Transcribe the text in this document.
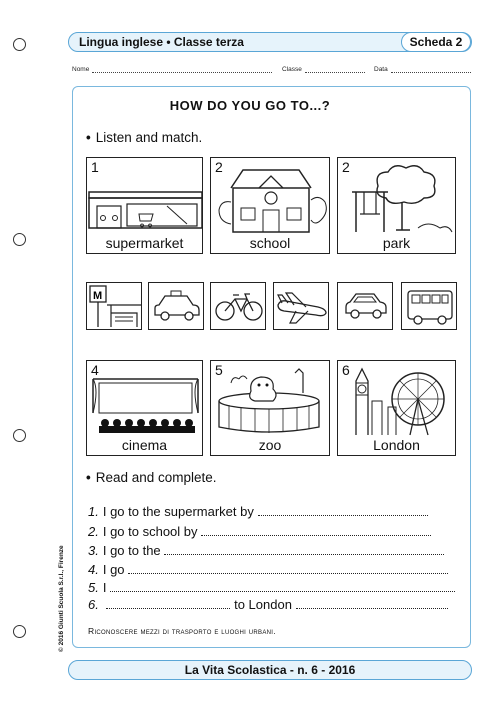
Lingua inglese • Classe terza	Scheda 2
Nome	Classe	Data
HOW DO YOU GO TO...?
• Listen and match.
1
supermarket
2
school
2
park
M
4
cinema
5
zoo
6
London
• Read and complete.
1. I go to the supermarket by
2. I go to school by
3. I go to the
4. I go
5. I
6.	to London
Riconoscere mezzi di trasporto e luoghi urbani.
© 2016 Giunti Scuola S.r.l., Firenze
La Vita Scolastica - n. 6 - 2016
